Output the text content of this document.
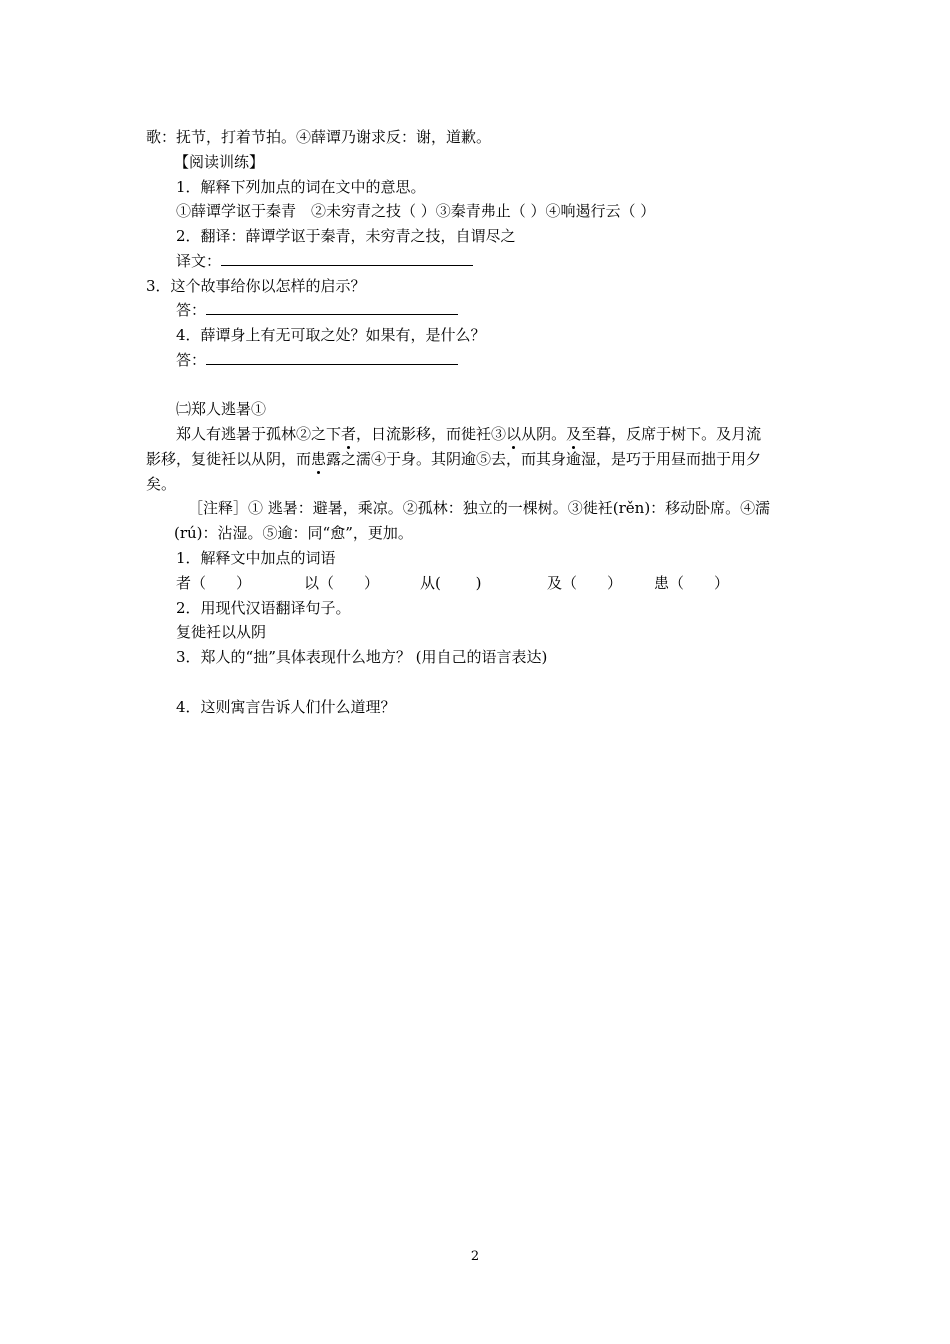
歌：抚节，打着节拍。④薛谭乃谢求反：谢，道歉。
【阅读训练】
1．解释下列加点的词在文中的意思。
①薛谭学讴于秦青　②未穷青之技（ ）③秦青弗止（ ）④响遏行云（ ）
2．翻译：薛谭学讴于秦青，未穷青之技，自谓尽之
译文：
3．这个故事给你以怎样的启示？
答：
4．薛谭身上有无可取之处？如果有，是什么？
答：
㈡郑人逃暑①
郑人有逃暑于孤林②之下者，日流影移，而徙衽③以从阴。及至暮，反席于树下。及月流
影移，复徙衽以从阴，而患露之濡④于身。其阴逾⑤去，而其身逾湿，是巧于用昼而拙于用夕
矣。
［注释］① 逃暑：避暑，乘凉。②孤林：独立的一棵树。③徙衽(rěn)：移动卧席。④濡
(rú)：沾湿。⑤逾：同“愈”，更加。
1．解释文中加点的词语
者（　　）	以（　　）	从(　　 )	及（　　） 患（　　）
2．用现代汉语翻译句子。
复徙衽以从阴
3．郑人的“拙”具体表现什么地方？ (用自己的语言表达)
4．这则寓言告诉人们什么道理？
2
